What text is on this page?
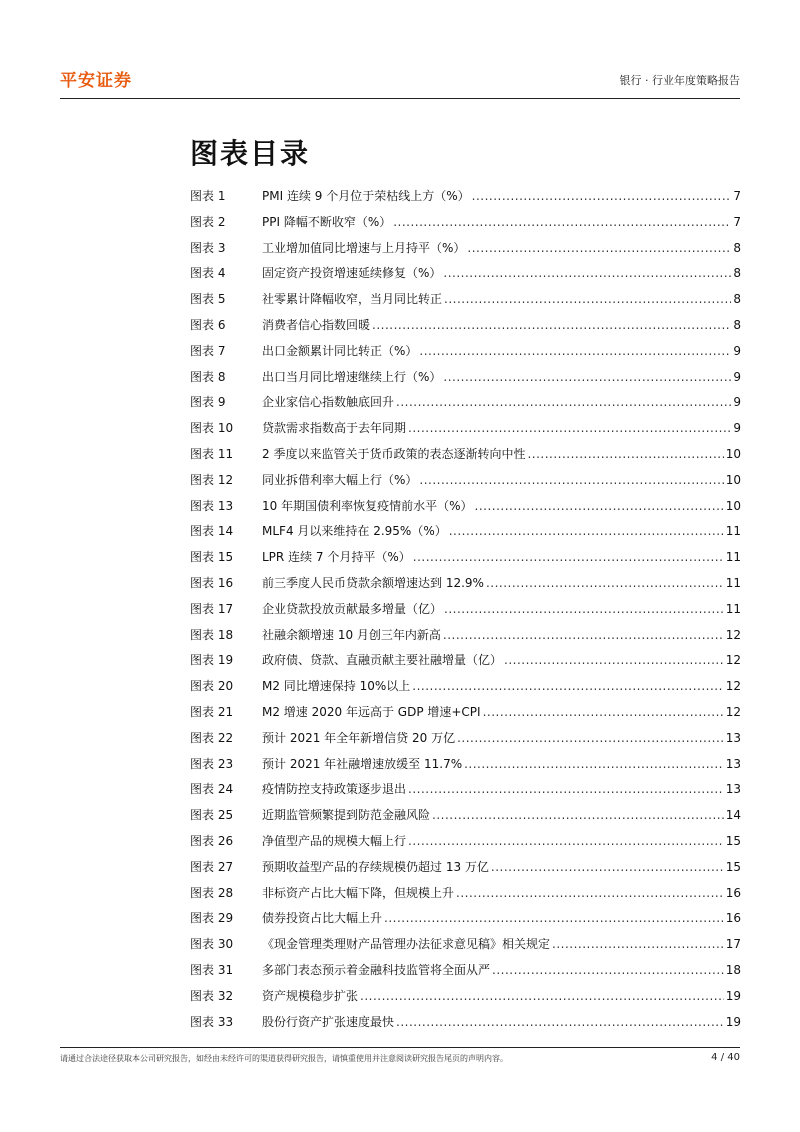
平安证券	银行 · 行业年度策略报告
图表目录
图表 1	PMI 连续 9 个月位于荣枯线上方（%） .....	7
图表 2	PPI 降幅不断收窄（%） .....	7
图表 3	工业增加值同比增速与上月持平（%） .....	8
图表 4	固定资产投资增速延续修复（%） .....	8
图表 5	社零累计降幅收窄，当月同比转正 .....	8
图表 6	消费者信心指数回暖 .....	8
图表 7	出口金额累计同比转正（%） .....	9
图表 8	出口当月同比增速继续上行（%） .....	9
图表 9	企业家信心指数触底回升 .....	9
图表 10	贷款需求指数高于去年同期 .....	9
图表 11	2 季度以来监管关于货币政策的表态逐渐转向中性 .....	10
图表 12	同业拆借利率大幅上行（%） .....	10
图表 13	10 年期国债利率恢复疫情前水平（%） .....	10
图表 14	MLF4 月以来维持在 2.95%（%） .....	11
图表 15	LPR 连续 7 个月持平（%） .....	11
图表 16	前三季度人民币贷款余额增速达到 12.9% .....	11
图表 17	企业贷款投放贡献最多增量（亿） .....	11
图表 18	社融余额增速 10 月创三年内新高 .....	12
图表 19	政府债、贷款、直融贡献主要社融增量（亿） .....	12
图表 20	M2 同比增速保持 10%以上 .....	12
图表 21	M2 增速 2020 年远高于 GDP 增速+CPI .....	12
图表 22	预计 2021 年全年新增信贷 20 万亿 .....	13
图表 23	预计 2021 年社融增速放缓至 11.7% .....	13
图表 24	疫情防控支持政策逐步退出 .....	13
图表 25	近期监管频繁提到防范金融风险 .....	14
图表 26	净值型产品的规模大幅上行 .....	15
图表 27	预期收益型产品的存续规模仍超过 13 万亿 .....	15
图表 28	非标资产占比大幅下降，但规模上升 .....	16
图表 29	债券投资占比大幅上升 .....	16
图表 30	《现金管理类理财产品管理办法征求意见稿》相关规定 .....	17
图表 31	多部门表态预示着金融科技监管将全面从严 .....	18
图表 32	资产规模稳步扩张 .....	19
图表 33	股份行资产扩张速度最快 .....	19
请通过合法途径获取本公司研究报告，如经由未经许可的渠道获得研究报告，请慎重使用并注意阅读研究报告尾页的声明内容。	4 / 40
